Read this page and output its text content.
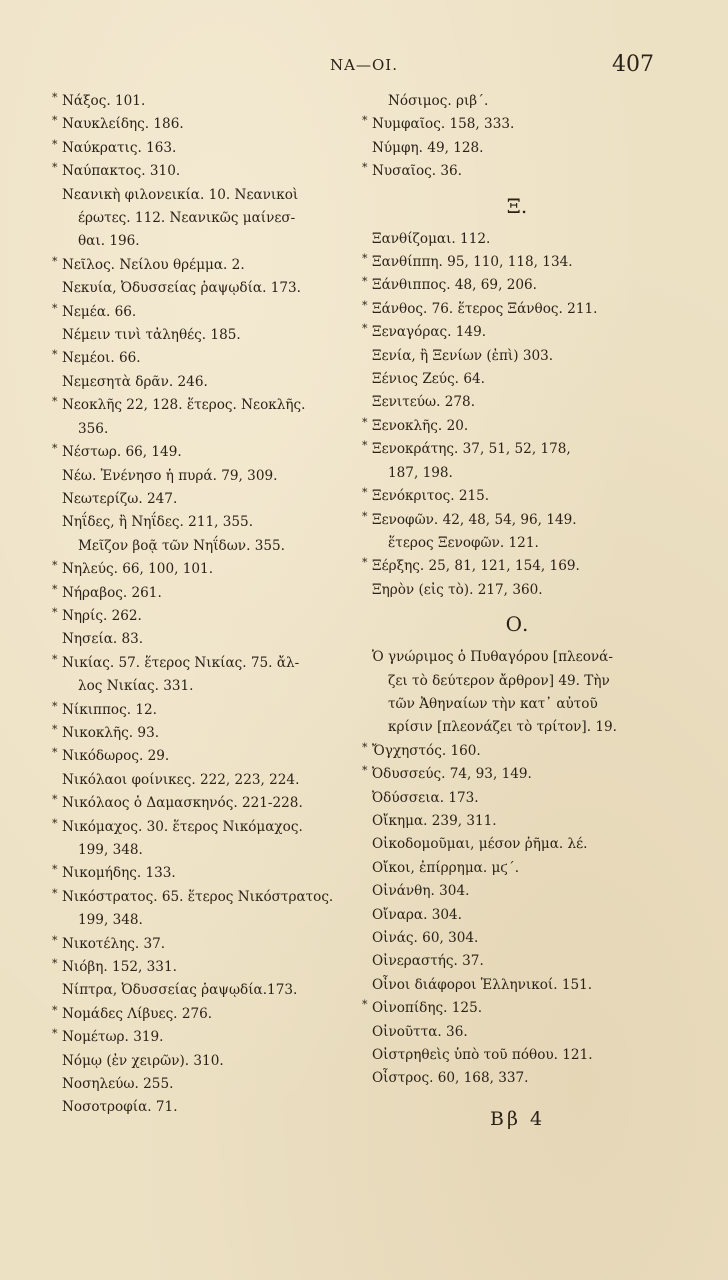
ΝΑ—ΟΙ.	407
* Νάξος. 101.
* Ναυκλείδης. 186.
* Ναύκρατις. 163.
* Ναύπακτος. 310.
Νεανικὴ φιλονεικία. 10. Νεανικοὶ
έρωτες. 112. Νεανικῶς μαίνεσ-
θαι. 196.
* Νεῖλος. Νείλου θρέμμα. 2.
Νεκυία, Ὀδυσσείας ῥαψῳδία. 173.
* Νεμέα. 66.
Νέμειν τινὶ τἀληθές. 185.
* Νεμέοι. 66.
Νεμεσητὰ δρᾶν. 246.
* Νεοκλῆς 22, 128. ἕτερος. Νεοκλῆς.
356.
* Νέστωρ. 66, 149.
Νέω. Ἐνένησο ἡ πυρά. 79, 309.
Νεωτερίζω. 247.
Νηΐδες, ἢ Νηΐδες. 211, 355.
Μεῖζον βοᾷ τῶν Νηΐδων. 355.
* Νηλεύς. 66, 100, 101.
* Νήραβος. 261.
* Νηρίς. 262.
Νησεία. 83.
* Νικίας. 57. ἕτερος Νικίας. 75. ἄλ-
λος Νικίας. 331.
* Νίκιππος. 12.
* Νικοκλῆς. 93.
* Νικόδωρος. 29.
Νικόλαοι φοίνικες. 222, 223, 224.
* Νικόλαος ὁ Δαμασκηνός. 221-228.
* Νικόμαχος. 30. ἕτερος Νικόμαχος.
199, 348.
* Νικομήδης. 133.
* Νικόστρατος. 65. ἕτερος Νικόστρατος.
199, 348.
* Νικοτέλης. 37.
* Νιόβη. 152, 331.
Νίπτρα, Ὀδυσσείας ῥαψῳδία.173.
* Νομάδες Λίβυες. 276.
* Νομέτωρ. 319.
Νόμῳ (ἐν χειρῶν). 310.
Νοσηλεύω. 255.
Νοσοτροφία. 71.
Νόσιμος. ριβ΄.
* Νυμφαῖος. 158, 333.
Νύμφη. 49, 128.
* Νυσαῖος. 36.
Ξ.
Ξανθίζομαι. 112.
* Ξανθίππη. 95, 110, 118, 134.
* Ξάνθιππος. 48, 69, 206.
* Ξάνθος. 76. ἕτερος Ξάνθος. 211.
* Ξεναγόρας. 149.
Ξενία, ἢ Ξενίων (ἐπὶ) 303.
Ξένιος Ζεύς. 64.
Ξενιτεύω. 278.
* Ξενοκλῆς. 20.
* Ξενοκράτης. 37, 51, 52, 178,
187, 198.
* Ξενόκριτος. 215.
* Ξενοφῶν. 42, 48, 54, 96, 149.
ἕτερος Ξενοφῶν. 121.
* Ξέρξης. 25, 81, 121, 154, 169.
Ξηρὸν (εἰς τὸ). 217, 360.
Ο.
Ὁ γνώριμος ὁ Πυθαγόρου [πλεονά-
ζει τὸ δεύτερον ἄρθρον] 49. Τὴν
τῶν Ἀθηναίων τὴν κατ᾽ αὐτοῦ
κρίσιν [πλεονάζει τὸ τρίτον]. 19.
* Ὄγχηστός. 160.
* Ὀδυσσεύς. 74, 93, 149.
Ὀδύσσεια. 173.
Οἴκημα. 239, 311.
Οἰκοδομοῦμαι, μέσον ῥῆμα. λέ.
Οἴκοι, ἐπίρρημα. μϛ΄.
Οἰνάνθη. 304.
Οἴναρα. 304.
Οἰνάς. 60, 304.
Οἰνεραστής. 37.
Οἶνοι διάφοροι Ἑλληνικοί. 151.
* Οἰνοπίδης. 125.
Οἰνοῦττα. 36.
Οἰστρηθεὶς ὑπὸ τοῦ πόθου. 121.
Οἶστρος. 60, 168, 337.
Ββ 4
